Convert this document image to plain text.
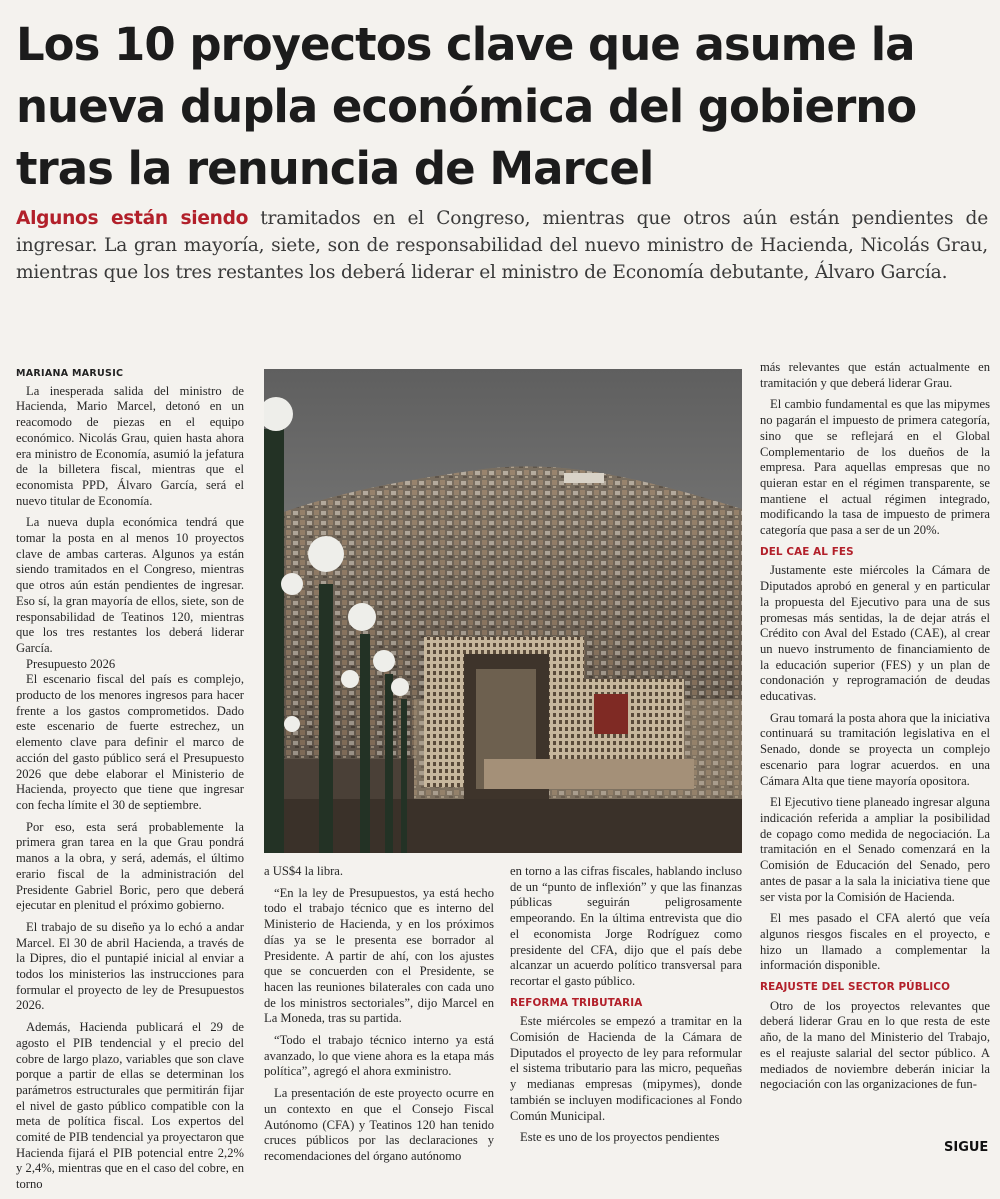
Los 10 proyectos clave que asume la
nueva dupla económica del gobierno
tras la renuncia de Marcel
Algunos están siendo tramitados en el Congreso, mientras que otros aún están pendientes de ingresar. La gran mayoría, siete, son de responsabilidad del nuevo ministro de Hacienda, Nicolás Grau, mientras que los tres restantes los deberá liderar el ministro de Economía debutante, Álvaro García.
MARIANA MARUSIC

La inesperada salida del ministro de Hacienda, Mario Marcel, detonó en un reacomodo de piezas en el equipo económico. Nicolás Grau, quien hasta ahora era ministro de Economía, asumió la jefatura de la billetera fiscal, mientras que el economista PPD, Álvaro García, será el nuevo titular de Economía.

La nueva dupla económica tendrá que tomar la posta en al menos 10 proyectos clave de ambas carteras. Algunos ya están siendo tramitados en el Congreso, mientras que otros aún están pendientes de ingresar. Eso sí, la gran mayoría de ellos, siete, son de responsabilidad de Teatinos 120, mientras que los tres restantes los deberá liderar García.

Presupuesto 2026

El escenario fiscal del país es complejo, producto de los menores ingresos para hacer frente a los gastos comprometidos. Dado este escenario de fuerte estrechez, un elemento clave para definir el marco de acción del gasto público será el Presupuesto 2026 que debe elaborar el Ministerio de Hacienda, proyecto que tiene que ingresar con fecha límite el 30 de septiembre.

Por eso, esta será probablemente la primera gran tarea en la que Grau pondrá manos a la obra, y será, además, el último erario fiscal de la administración del Presidente Gabriel Boric, pero que deberá ejecutar en plenitud el próximo gobierno.

El trabajo de su diseño ya lo echó a andar Marcel. El 30 de abril Hacienda, a través de la Dipres, dio el puntapié inicial al enviar a todos los ministerios las instrucciones para formular el proyecto de ley de Presupuestos 2026.

Además, Hacienda publicará el 29 de agosto el PIB tendencial y el precio del cobre de largo plazo, variables que son clave porque a partir de ellas se determinan los parámetros estructurales que permitirán fijar el nivel de gasto público compatible con la meta de política fiscal. Los expertos del comité de PIB tendencial ya proyectaron que Hacienda fijará el PIB potencial entre 2,2% y 2,4%, mientras que en el caso del cobre, en torno

a US$4 la libra.

“En la ley de Presupuestos, ya está hecho todo el trabajo técnico que es interno del Ministerio de Hacienda, y en los próximos días ya se le presenta ese borrador al Presidente. A partir de ahí, con los ajustes que se concuerden con el Presidente, se hacen las reuniones bilaterales con cada uno de los ministros sectoriales”, dijo Marcel en La Moneda, tras su partida.

“Todo el trabajo técnico interno ya está avanzado, lo que viene ahora es la etapa más política”, agregó el ahora exministro.

La presentación de este proyecto ocurre en un contexto en que el Consejo Fiscal Autónomo (CFA) y Teatinos 120 han tenido cruces públicos por las declaraciones y recomendaciones del órgano autónomo

en torno a las cifras fiscales, hablando incluso de un “punto de inflexión” y que las finanzas públicas seguirán peligrosamente empeorando. En la última entrevista que dio el economista Jorge Rodríguez como presidente del CFA, dijo que el país debe alcanzar un acuerdo político transversal para recortar el gasto público.

REFORMA TRIBUTARIA

Este miércoles se empezó a tramitar en la Comisión de Hacienda de la Cámara de Diputados el proyecto de ley para reformular el sistema tributario para las micro, pequeñas y medianas empresas (mipymes), donde también se incluyen modificaciones al Fondo Común Municipal.

Este es uno de los proyectos pendientes

más relevantes que están actualmente en tramitación y que deberá liderar Grau.

El cambio fundamental es que las mipymes no pagarán el impuesto de primera categoría, sino que se reflejará en el Global Complementario de los dueños de la empresa. Para aquellas empresas que no quieran estar en el régimen transparente, se mantiene el actual régimen integrado, modificando la tasa de impuesto de primera categoría que pasa a ser de un 20%.

DEL CAE AL FES

Justamente este miércoles la Cámara de Diputados aprobó en general y en particular la propuesta del Ejecutivo para una de sus promesas más sentidas, la de dejar atrás el Crédito con Aval del Estado (CAE), al crear un nuevo instrumento de financiamiento de la educación superior (FES) y un plan de condonación y reprogramación de deudas educativas.

Grau tomará la posta ahora que la iniciativa continuará su tramitación legislativa en el Senado, donde se proyecta un complejo escenario para lograr acuerdos. en una Cámara Alta que tiene mayoría opositora.

El Ejecutivo tiene planeado ingresar alguna indicación referida a ampliar la posibilidad de copago como medida de negociación. La tramitación en el Senado comenzará en la Comisión de Educación del Senado, pero antes de pasar a la sala la iniciativa tiene que ser vista por la Comisión de Hacienda.

El mes pasado el CFA alertó que veía algunos riesgos fiscales en el proyecto, e hizo un llamado a complementar la información disponible.

REAJUSTE DEL SECTOR PÚBLICO

Otro de los proyectos relevantes que deberá liderar Grau en lo que resta de este año, de la mano del Ministerio del Trabajo, es el reajuste salarial del sector público. A mediados de noviembre deberán iniciar la negociación con las organizaciones de fun-

SIGUE
